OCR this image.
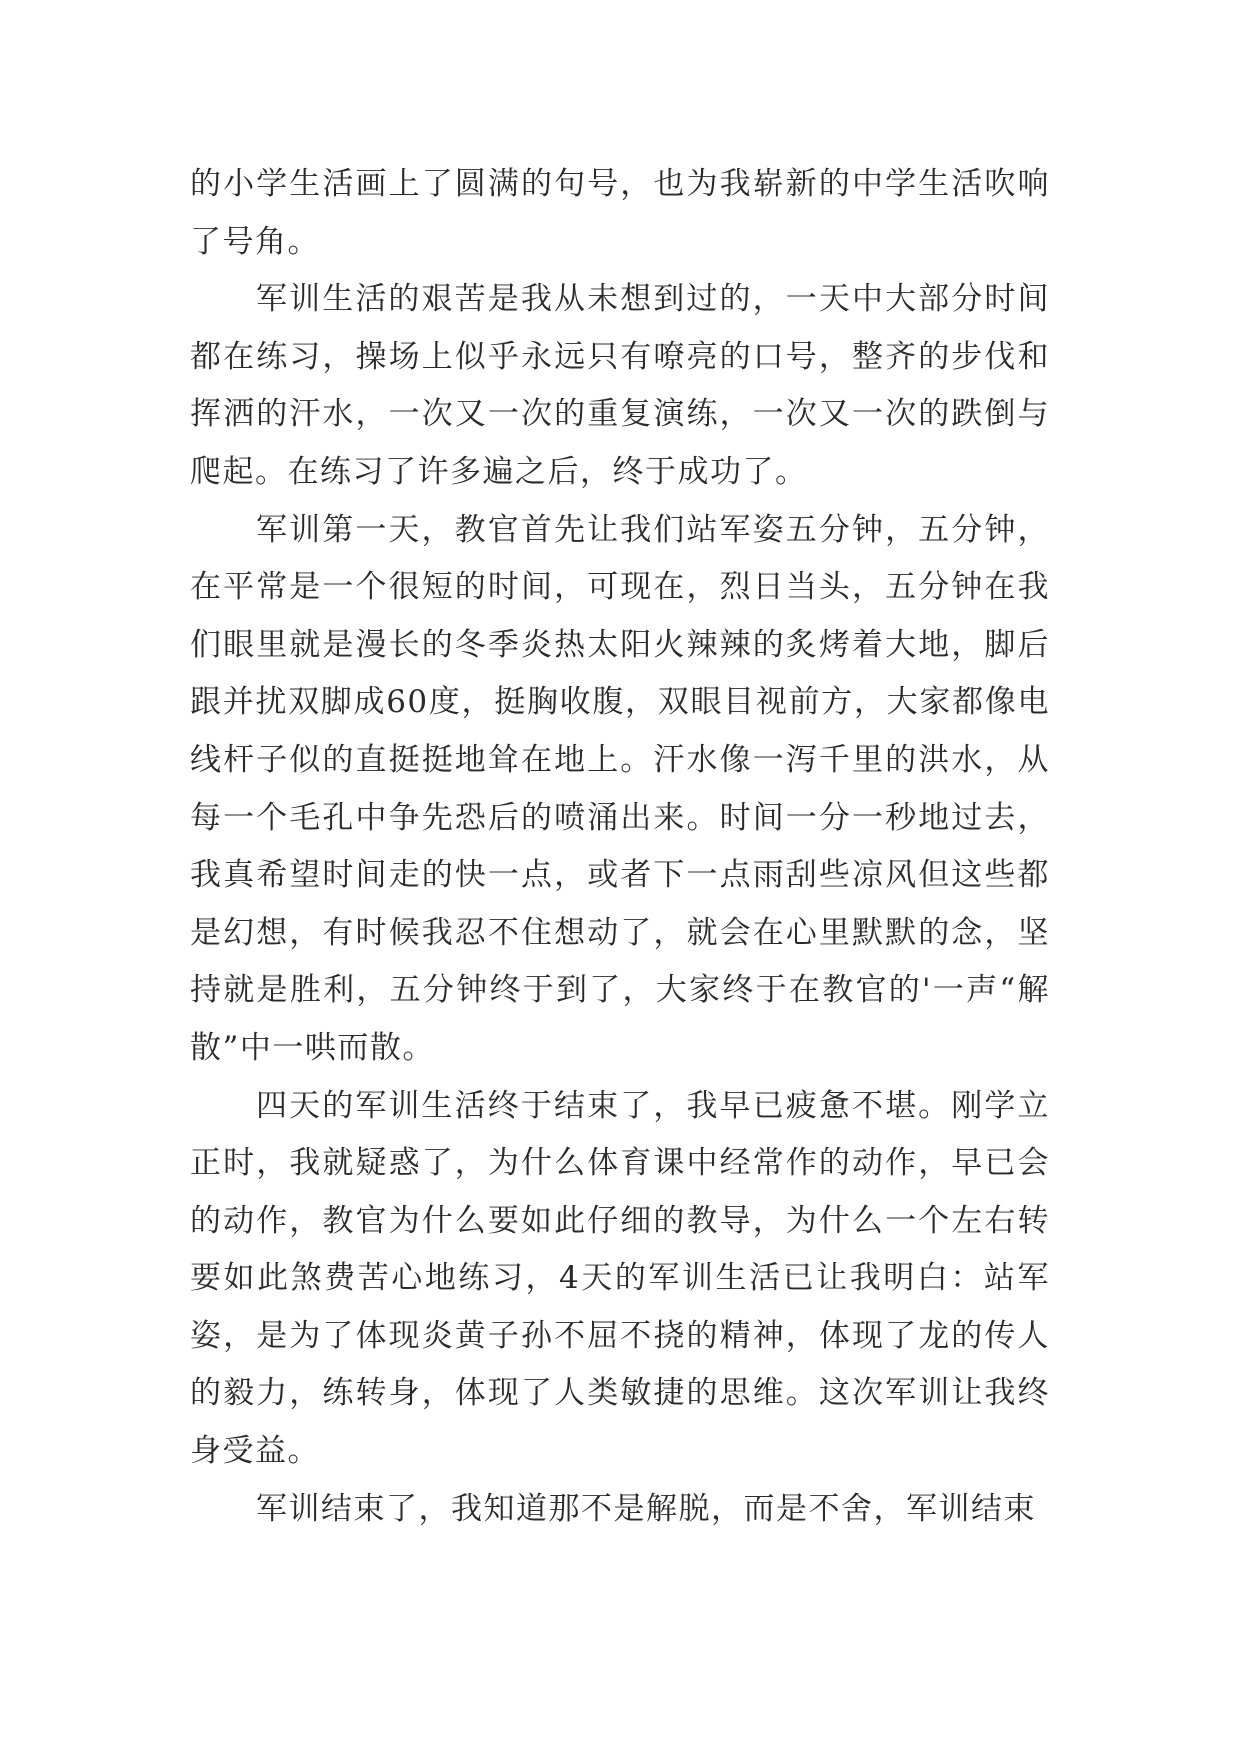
的小学生活画上了圆满的句号，也为我崭新的中学生活吹响了号角。

军训生活的艰苦是我从未想到过的，一天中大部分时间都在练习，操场上似乎永远只有嘹亮的口号，整齐的步伐和挥洒的汗水，一次又一次的重复演练，一次又一次的跌倒与爬起。在练习了许多遍之后，终于成功了。

军训第一天，教官首先让我们站军姿五分钟，五分钟，在平常是一个很短的时间，可现在，烈日当头，五分钟在我们眼里就是漫长的冬季炎热太阳火辣辣的炙烤着大地，脚后跟并扰双脚成60度，挺胸收腹，双眼目视前方，大家都像电线杆子似的直挺挺地耸在地上。汗水像一泻千里的洪水，从每一个毛孔中争先恐后的喷涌出来。时间一分一秒地过去，我真希望时间走的快一点，或者下一点雨刮些凉风但这些都是幻想，有时候我忍不住想动了，就会在心里默默的念，坚持就是胜利，五分钟终于到了，大家终于在教官的'一声“解散”中一哄而散。

四天的军训生活终于结束了，我早已疲惫不堪。刚学立正时，我就疑惑了，为什么体育课中经常作的动作，早已会的动作，教官为什么要如此仔细的教导，为什么一个左右转要如此煞费苦心地练习，4天的军训生活已让我明白：站军姿，是为了体现炎黄子孙不屈不挠的精神，体现了龙的传人的毅力，练转身，体现了人类敏捷的思维。这次军训让我终身受益。

军训结束了，我知道那不是解脱，而是不舍，军训结束
